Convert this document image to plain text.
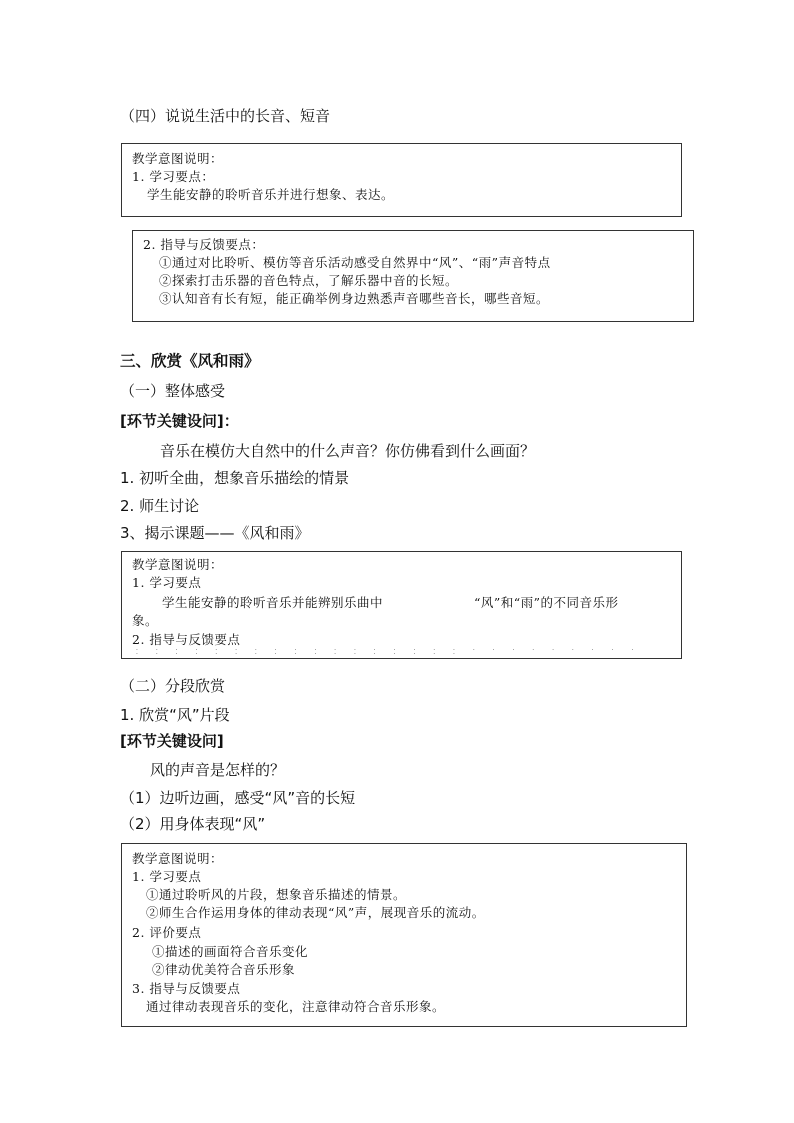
（四）说说生活中的长音、短音
教学意图说明：
1. 学习要点：
学生能安静的聆听音乐并进行想象、表达。
2. 指导与反馈要点：
①通过对比聆听、模仿等音乐活动感受自然界中“风”、“雨”声音特点
②探索打击乐器的音色特点，了解乐器中音的长短。
③认知音有长有短，能正确举例身边熟悉声音哪些音长，哪些音短。
三、欣赏《风和雨》
（一）整体感受
[环节关键设问]：
音乐在模仿大自然中的什么声音？你仿佛看到什么画面？
1. 初听全曲，想象音乐描绘的情景
2. 师生讨论
3、揭示课题——《风和雨》
教学意图说明：
1. 学习要点
学生能安静的聆听音乐并能辨别乐曲中	“风”和“雨”的不同音乐形
象。
2. 指导与反馈要点
· · · · · · · · · · · · · · · · · · · · · · · · · · · · · · · · · · · · · · · · · · ·
（二）分段欣赏
1. 欣赏“风”片段
[环节关键设问]
风的声音是怎样的？
（1）边听边画，感受“风”音的长短
（2）用身体表现“风”
教学意图说明：
1. 学习要点
①通过聆听风的片段，想象音乐描述的情景。
②师生合作运用身体的律动表现“风”声，展现音乐的流动。
2. 评价要点
①描述的画面符合音乐变化
②律动优美符合音乐形象
3. 指导与反馈要点
通过律动表现音乐的变化，注意律动符合音乐形象。
